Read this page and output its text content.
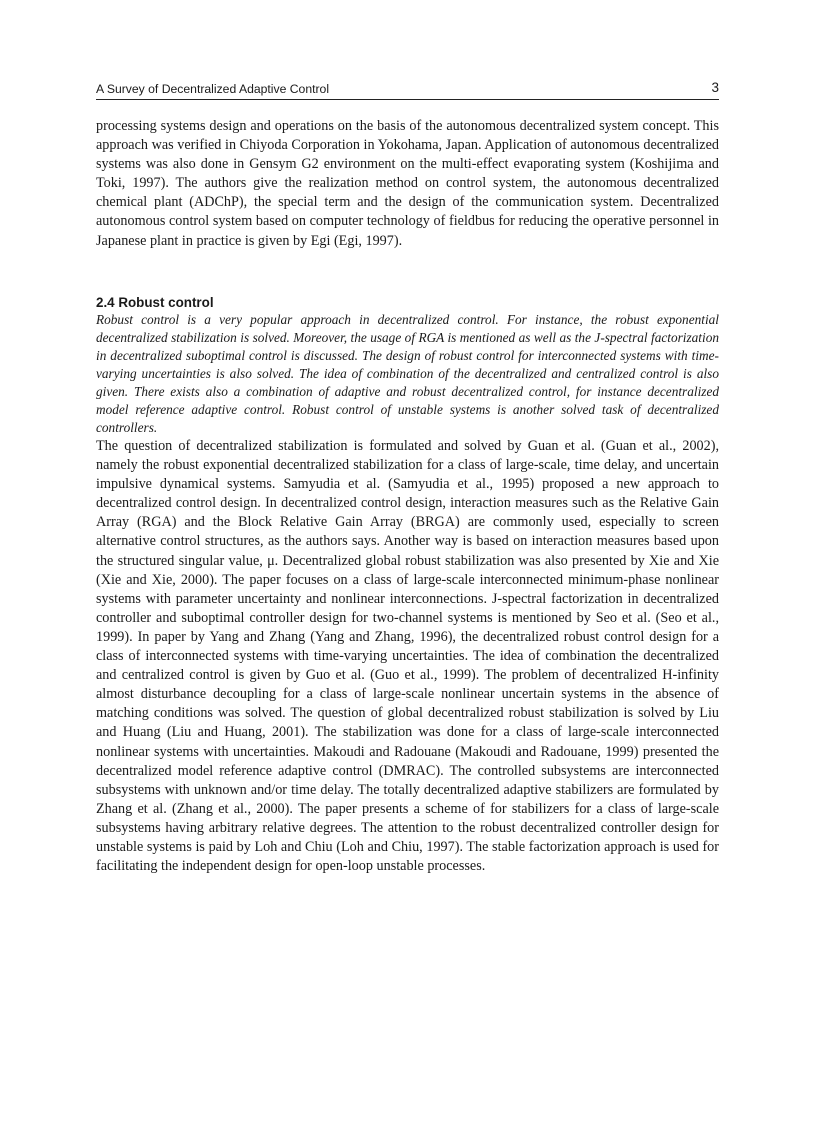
A Survey of Decentralized Adaptive Control	3

processing systems design and operations on the basis of the autonomous decentralized system concept. This approach was verified in Chiyoda Corporation in Yokohama, Japan. Application of autonomous decentralized systems was also done in Gensym G2 environment on the multi-effect evaporating system (Koshijima and Toki, 1997). The authors give the realization method on control system, the autonomous decentralized chemical plant (ADChP), the special term and the design of the communication system. Decentralized autonomous control system based on computer technology of fieldbus for reducing the operative personnel in Japanese plant in practice is given by Egi (Egi, 1997).

2.4 Robust control

Robust control is a very popular approach in decentralized control. For instance, the robust exponential decentralized stabilization is solved. Moreover, the usage of RGA is mentioned as well as the J-spectral factorization in decentralized suboptimal control is discussed. The design of robust control for interconnected systems with time-varying uncertainties is also solved. The idea of combination of the decentralized and centralized control is also given. There exists also a combination of adaptive and robust decentralized control, for instance decentralized model reference adaptive control. Robust control of unstable systems is another solved task of decentralized controllers.

The question of decentralized stabilization is formulated and solved by Guan et al. (Guan et al., 2002), namely the robust exponential decentralized stabilization for a class of large-scale, time delay, and uncertain impulsive dynamical systems. Samyudia et al. (Samyudia et al., 1995) proposed a new approach to decentralized control design. In decentralized control design, interaction measures such as the Relative Gain Array (RGA) and the Block Relative Gain Array (BRGA) are commonly used, especially to screen alternative control structures, as the authors says. Another way is based on interaction measures based upon the structured singular value, μ. Decentralized global robust stabilization was also presented by Xie and Xie (Xie and Xie, 2000). The paper focuses on a class of large-scale interconnected minimum-phase nonlinear systems with parameter uncertainty and nonlinear interconnections. J-spectral factorization in decentralized controller and suboptimal controller design for two-channel systems is mentioned by Seo et al. (Seo et al., 1999). In paper by Yang and Zhang (Yang and Zhang, 1996), the decentralized robust control design for a class of interconnected systems with time-varying uncertainties. The idea of combination the decentralized and centralized control is given by Guo et al. (Guo et al., 1999). The problem of decentralized H-infinity almost disturbance decoupling for a class of large-scale nonlinear uncertain systems in the absence of matching conditions was solved. The question of global decentralized robust stabilization is solved by Liu and Huang (Liu and Huang, 2001). The stabilization was done for a class of large-scale interconnected nonlinear systems with uncertainties. Makoudi and Radouane (Makoudi and Radouane, 1999) presented the decentralized model reference adaptive control (DMRAC). The controlled subsystems are interconnected subsystems with unknown and/or time delay. The totally decentralized adaptive stabilizers are formulated by Zhang et al. (Zhang et al., 2000). The paper presents a scheme of for stabilizers for a class of large-scale subsystems having arbitrary relative degrees. The attention to the robust decentralized controller design for unstable systems is paid by Loh and Chiu (Loh and Chiu, 1997). The stable factorization approach is used for facilitating the independent design for open-loop unstable processes.
